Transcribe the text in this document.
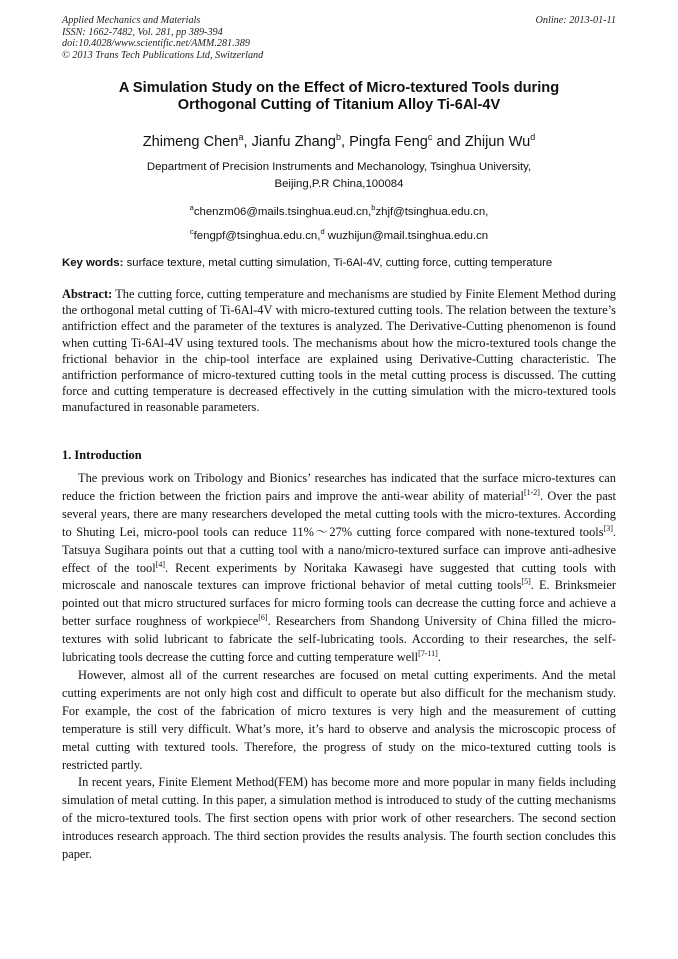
Applied Mechanics and Materials
ISSN: 1662-7482, Vol. 281, pp 389-394
doi:10.4028/www.scientific.net/AMM.281.389
© 2013 Trans Tech Publications Ltd, Switzerland
Online: 2013-01-11
A Simulation Study on the Effect of Micro-textured Tools during
Orthogonal Cutting of Titanium Alloy Ti-6Al-4V
Zhimeng Chen$^a$, Jianfu Zhang$^b$, Pingfa Feng$^c$ and Zhijun Wu$^d$
Department of Precision Instruments and Mechanology, Tsinghua University,
Beijing,P.R China,100084
$^a$chenzm06@mails.tsinghua.eud.cn,$^b$zhjf@tsinghua.edu.cn,
$^c$fengpf@tsinghua.edu.cn,$^d$ wuzhijun@mail.tsinghua.edu.cn
Key words: surface texture, metal cutting simulation, Ti-6Al-4V, cutting force, cutting temperature
Abstract: The cutting force, cutting temperature and mechanisms are studied by Finite Element Method during the orthogonal metal cutting of Ti-6Al-4V with micro-textured cutting tools. The relation between the texture’s antifriction effect and the parameter of the textures is analyzed. The Derivative-Cutting phenomenon is found when cutting Ti-6Al-4V using textured tools. The mechanisms about how the micro-textured tools change the frictional behavior in the chip-tool interface are explained using Derivative-Cutting characteristic. The antifriction performance of micro-textured cutting tools in the metal cutting process is discussed. The cutting force and cutting temperature is decreased effectively in the cutting simulation with the micro-textured tools manufactured in reasonable parameters.
1. Introduction

The previous work on Tribology and Bionics’ researches has indicated that the surface micro-textures can reduce the friction between the friction pairs and improve the anti-wear ability of material[1-2]. Over the past several years, there are many researchers developed the metal cutting tools with the micro-textures. According to Shuting Lei, micro-pool tools can reduce 11%～27% cutting force compared with none-textured tools[3]. Tatsuya Sugihara points out that a cutting tool with a nano/micro-textured surface can improve anti-adhesive effect of the tool[4]. Recent experiments by Noritaka Kawasegi have suggested that cutting tools with microscale and nanoscale textures can improve frictional behavior of metal cutting tools[5]. E. Brinksmeier pointed out that micro structured surfaces for micro forming tools can decrease the cutting force and achieve a better surface roughness of workpiece[6]. Researchers from Shandong University of China filled the micro-textures with solid lubricant to fabricate the self-lubricating tools. According to their researches, the self-lubricating tools decrease the cutting force and cutting temperature well[7-11].

However, almost all of the current researches are focused on metal cutting experiments. And the metal cutting experiments are not only high cost and difficult to operate but also difficult for the mechanism study. For example, the cost of the fabrication of micro textures is very high and the measurement of cutting temperature is still very difficult. What’s more, it’s hard to observe and analysis the microscopic process of metal cutting with textured tools. Therefore, the progress of study on the mico-textured cutting tools is restricted partly.

In recent years, Finite Element Method(FEM) has become more and more popular in many fields including simulation of metal cutting. In this paper, a simulation method is introduced to study of the cutting mechanisms of the micro-textured tools. The first section opens with prior work of other researchers. The second section introduces research approach. The third section provides the results analysis. The fourth section concludes this paper.
